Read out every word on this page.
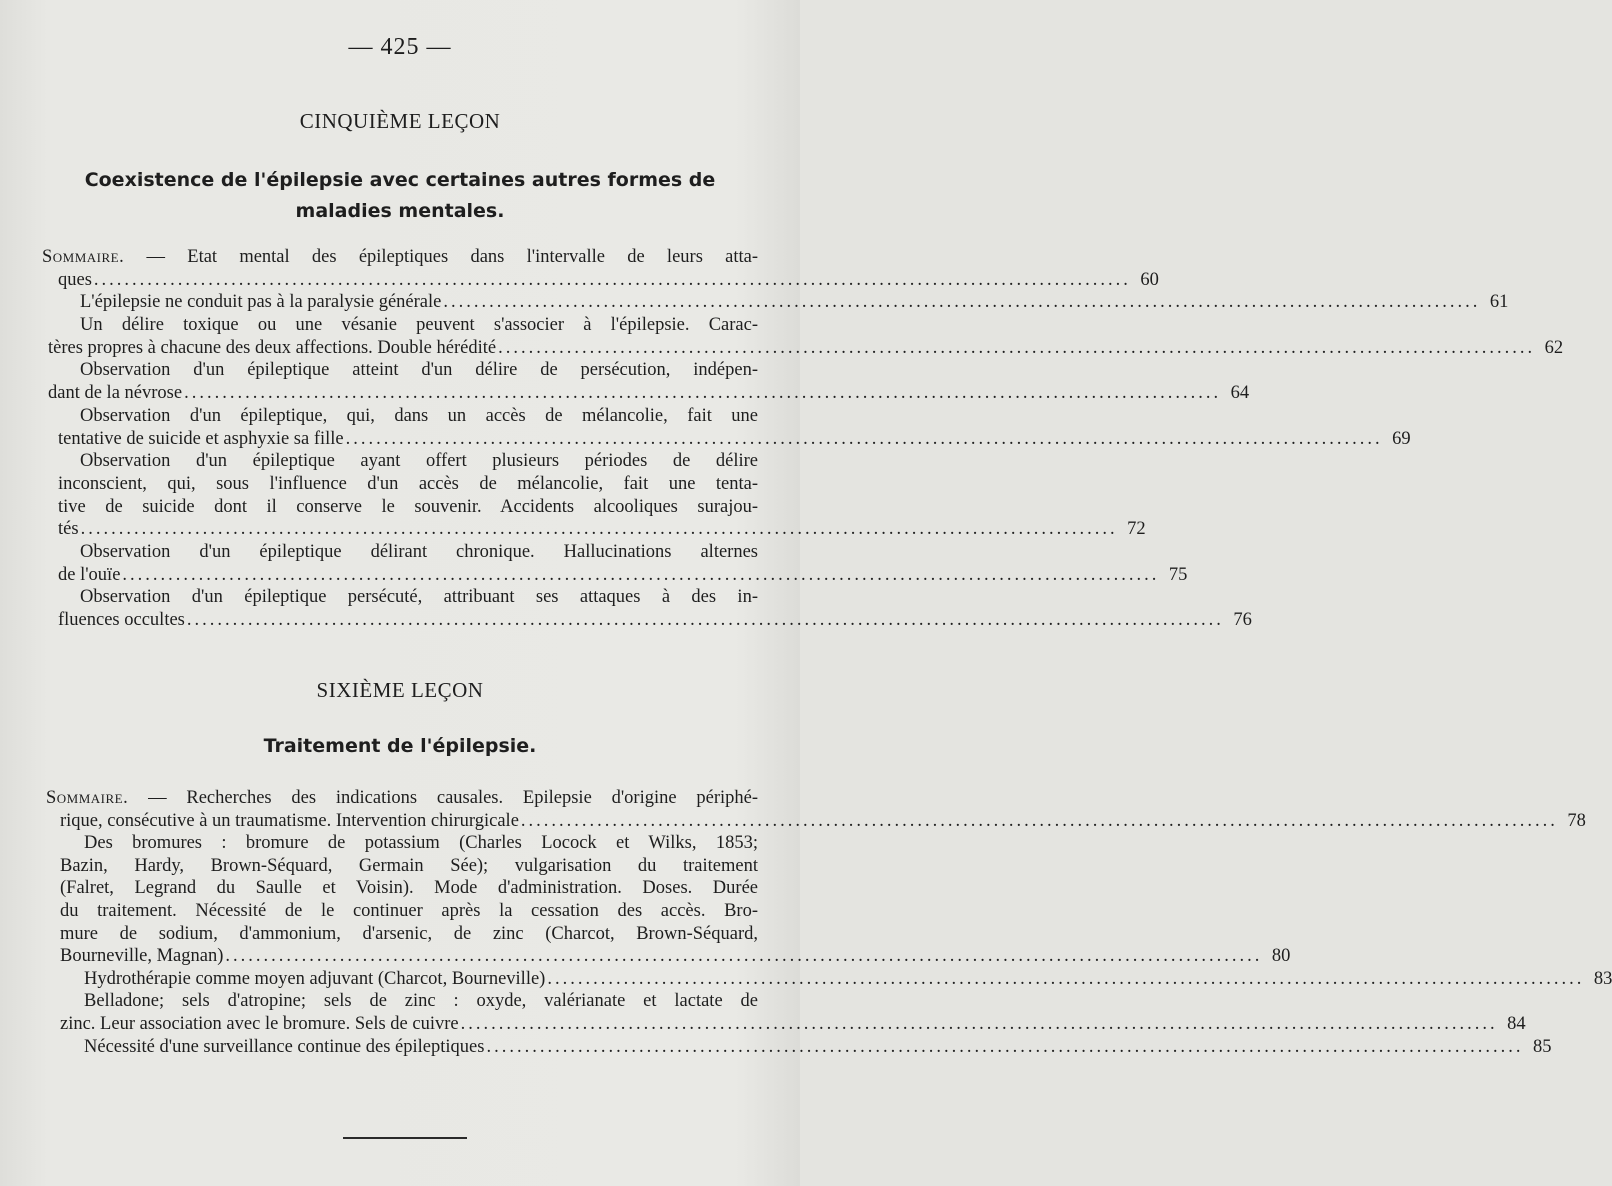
— 425 —
CINQUIÈME LEÇON
Coexistence de l'épilepsie avec certaines autres formes de
maladies mentales.
Sommaire. — Etat mental des épileptiques dans l'intervalle de leurs atta-
ques ........................................................................................................................................ 60
L'épilepsie ne conduit pas à la paralysie générale ........................................................................................................................................ 61
Un délire toxique ou une vésanie peuvent s'associer à l'épilepsie. Carac-
tères propres à chacune des deux affections. Double hérédité ........................................................................................................................................ 62
Observation d'un épileptique atteint d'un délire de persécution, indépen-
dant de la névrose ........................................................................................................................................ 64
Observation d'un épileptique, qui, dans un accès de mélancolie, fait une
tentative de suicide et asphyxie sa fille ........................................................................................................................................ 69
Observation d'un épileptique ayant offert plusieurs périodes de délire
inconscient, qui, sous l'influence d'un accès de mélancolie, fait une tenta-
tive de suicide dont il conserve le souvenir. Accidents alcooliques surajou-
tés ........................................................................................................................................ 72
Observation d'un épileptique délirant chronique. Hallucinations alternes
de l'ouïe ........................................................................................................................................ 75
Observation d'un épileptique persécuté, attribuant ses attaques à des in-
fluences occultes ........................................................................................................................................ 76
SIXIÈME LEÇON
Traitement de l'épilepsie.
Sommaire. — Recherches des indications causales. Epilepsie d'origine périphé-
rique, consécutive à un traumatisme. Intervention chirurgicale ........................................................................................................................................ 78
Des bromures : bromure de potassium (Charles Locock et Wilks, 1853;
Bazin, Hardy, Brown-Séquard, Germain Sée); vulgarisation du traitement
(Falret, Legrand du Saulle et Voisin). Mode d'administration. Doses. Durée
du traitement. Nécessité de le continuer après la cessation des accès. Bro-
mure de sodium, d'ammonium, d'arsenic, de zinc (Charcot, Brown-Séquard,
Bourneville, Magnan) ........................................................................................................................................ 80
Hydrothérapie comme moyen adjuvant (Charcot, Bourneville) ........................................................................................................................................ 83
Belladone; sels d'atropine; sels de zinc : oxyde, valérianate et lactate de
zinc. Leur association avec le bromure. Sels de cuivre ........................................................................................................................................ 84
Nécessité d'une surveillance continue des épileptiques ........................................................................................................................................ 85
